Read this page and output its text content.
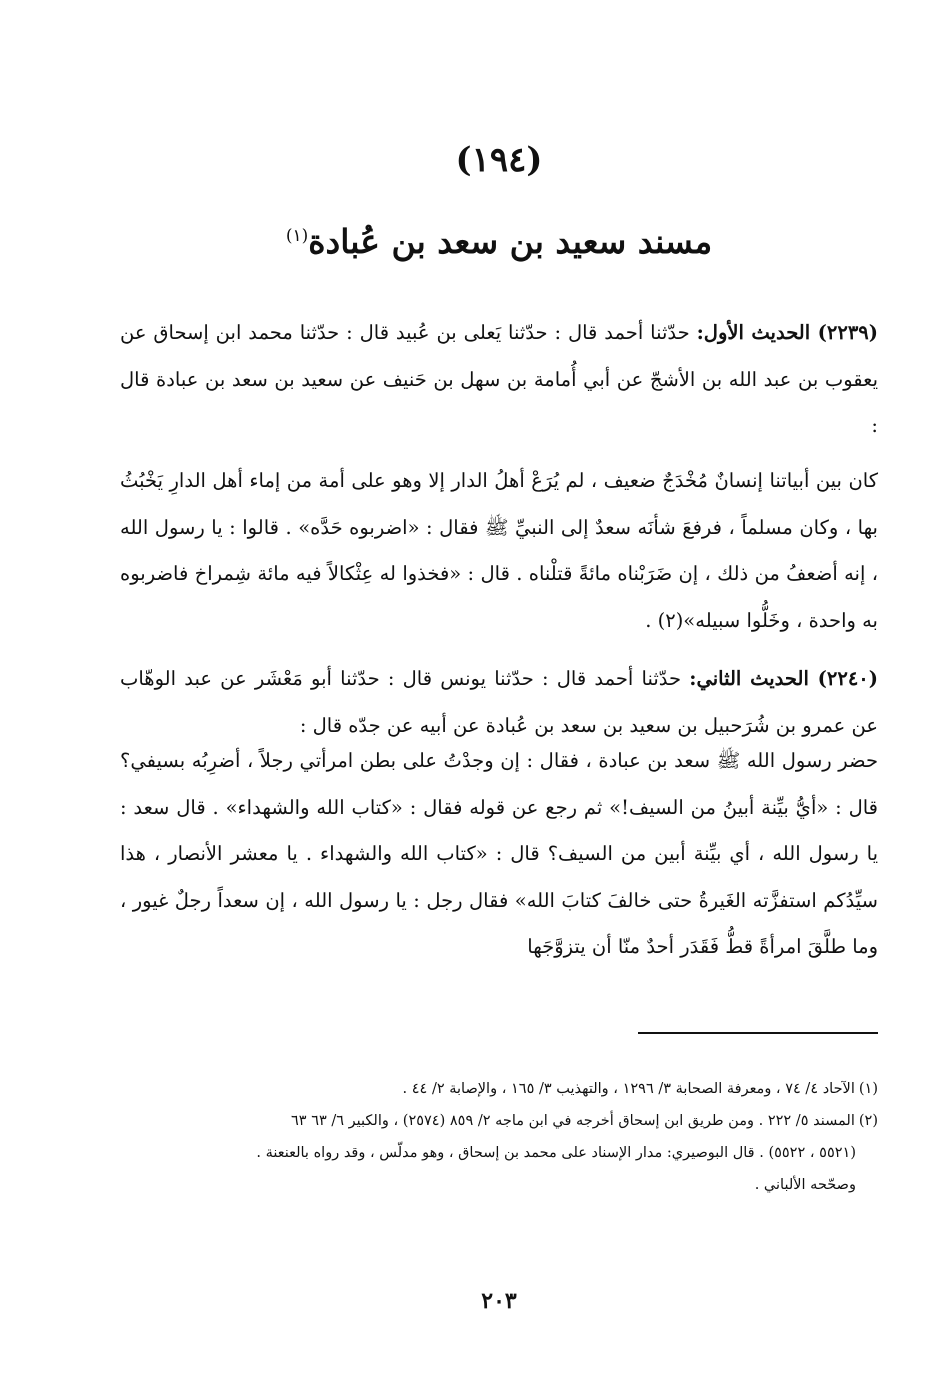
(١٩٤)
مسند سعيد بن سعد بن عُبادة$^{(١)}$
(٢٢٣٩) الحديث الأول: حدّثنا أحمد قال : حدّثنا يَعلى بن عُبيد قال : حدّثنا محمد ابن إسحاق عن يعقوب بن عبد الله بن الأشجّ عن أبي أُمامة بن سهل بن حَنيف عن سعيد بن سعد بن عبادة قال :
كان بين أبياتنا إنسانٌ مُخْدَجٌ ضعيف ، لم يُرَعْ أهلُ الدار إلا وهو على أمة من إماء أهل الدارِ يَخْبُثُ بها ، وكان مسلماً ، فرفعَ شأنَه سعدٌ إلى النبيِّ ﷺ فقال : «اضربوه حَدَّه» . قالوا : يا رسول الله ، إنه أضعفُ من ذلك ، إن ضَرَبْناه مائةً قتلْناه . قال : «فخذوا له عِثْكالاً فيه مائة شِمراخ فاضربوه به واحدة ، وخَلُّوا سبيله»(٢) .
(٢٢٤٠) الحديث الثاني: حدّثنا أحمد قال : حدّثنا يونس قال : حدّثنا أبو مَعْشَر عن عبد الوهّاب عن عمرو بن شُرَحبيل بن سعيد بن سعد بن عُبادة عن أبيه عن جدّه قال :
حضر رسول الله ﷺ سعد بن عبادة ، فقال : إن وجدْتُ على بطن امرأتي رجلاً ، أضرِبُه بسيفي؟ قال : «أيُّ بيِّنة أبينُ من السيف!» ثم رجع عن قوله فقال : «كتاب الله والشهداء» . قال سعد : يا رسول الله ، أي بيِّنة أبين من السيف؟ قال : «كتاب الله والشهداء . يا معشر الأنصار ، هذا سيِّدُكم استفزَّته الغَيرةُ حتى خالفَ كتابَ الله» فقال رجل : يا رسول الله ، إن سعداً رجلٌ غيور ، وما طلَّقَ امرأةً قطُّ فَقَدَر أحدٌ منّا أن يتزوَّجَها

(١)الآحاد ٤/ ٧٤ ، ومعرفة الصحابة ٣/ ١٢٩٦ ، والتهذيب ٣/ ١٦٥ ، والإصابة ٢/ ٤٤ .

(٢)المسند ٥/ ٢٢٢ . ومن طريق ابن إسحاق أخرجه في ابن ماجه ٢/ ٨٥٩ (٢٥٧٤) ، والكبير ٦/ ٦٣ ٦٣

(٥٥٢١ ، ٥٥٢٢) . قال البوصيري: مدار الإسناد على محمد بن إسحاق ، وهو مدلّس ، وقد رواه بالعنعنة .

وصحّحه الألباني .

٢٠٣
